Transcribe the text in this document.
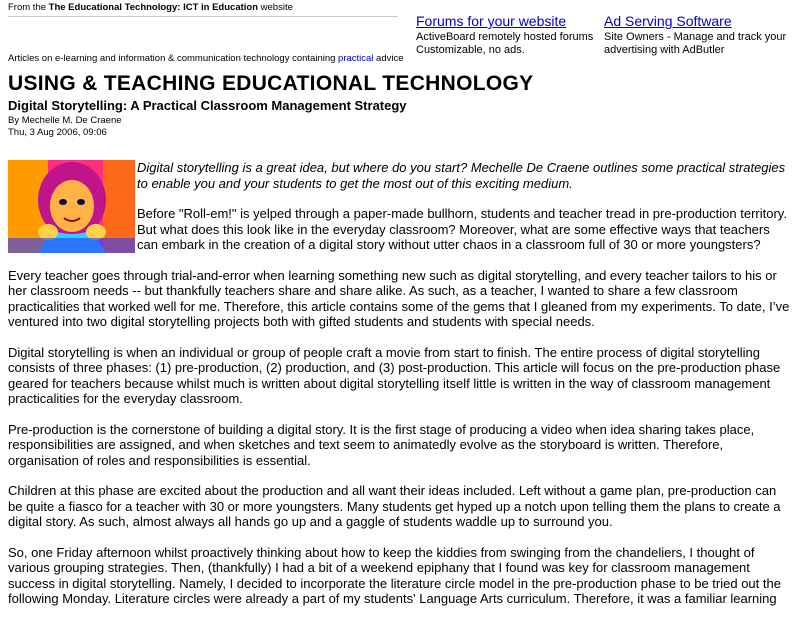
From the The Educational Technology: ICT in Education website
Articles on e-learning and information & communication technology containing practical advice
Forums for your website
ActiveBoard remotely hosted forums
Customizable, no ads.
Ad Serving Software
Site Owners - Manage and track your
advertising with AdButler
USING & TEACHING EDUCATIONAL TECHNOLOGY
Digital Storytelling: A Practical Classroom Management Strategy
By Mechelle M. De Craene
Thu, 3 Aug 2006, 09:06

Digital storytelling is a great idea, but where do you start? Mechelle De Craene outlines some practical strategies to enable you and your students to get the most out of this exciting medium.

Before "Roll-em!" is yelped through a paper-made bullhorn, students and teacher tread in pre-production territory. But what does this look like in the everyday classroom? Moreover, what are some effective ways that teachers can embark in the creation of a digital story without utter chaos in a classroom full of 30 or more youngsters?

Every teacher goes through trial-and-error when learning something new such as digital storytelling, and every teacher tailors to his or her classroom needs -- but thankfully teachers share and share alike. As such, as a teacher, I wanted to share a few classroom practicalities that worked well for me. Therefore, this article contains some of the gems that I gleaned from my experiments. To date, I’ve ventured into two digital storytelling projects both with gifted students and students with special needs.

Digital storytelling is when an individual or group of people craft a movie from start to finish. The entire process of digital storytelling consists of three phases: (1) pre-production, (2) production, and (3) post-production. This article will focus on the pre-production phase geared for teachers because whilst much is written about digital storytelling itself little is written in the way of classroom management practicalities for the everyday classroom.

Pre-production is the cornerstone of building a digital story. It is the first stage of producing a video when idea sharing takes place, responsibilities are assigned, and when sketches and text seem to animatedly evolve as the storyboard is written. Therefore, organisation of roles and responsibilities is essential.

Children at this phase are excited about the production and all want their ideas included. Left without a game plan, pre-production can be quite a fiasco for a teacher with 30 or more youngsters. Many students get hyped up a notch upon telling them the plans to create a digital story. As such, almost always all hands go up and a gaggle of students waddle up to surround you.

So, one Friday afternoon whilst proactively thinking about how to keep the kiddies from swinging from the chandeliers, I thought of various grouping strategies. Then, (thankfully) I had a bit of a weekend epiphany that I found was key for classroom management success in digital storytelling. Namely, I decided to incorporate the literature circle model in the pre-production phase to be tried out the following Monday. Literature circles were already a part of my students' Language Arts curriculum. Therefore, it was a familiar learning
